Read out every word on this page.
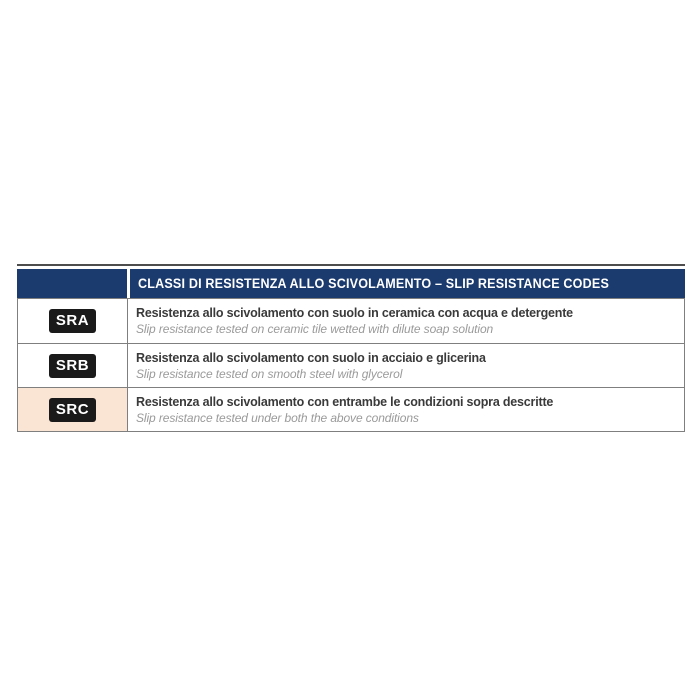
CLASSI DI RESISTENZA ALLO SCIVOLAMENTO – SLIP RESISTANCE CODES
SRA	Resistenza allo scivolamento con suolo in ceramica con acqua e detergente
Slip resistance tested on ceramic tile wetted with dilute soap solution
SRB	Resistenza allo scivolamento con suolo in acciaio e glicerina
Slip resistance tested on smooth steel with glycerol
SRC	Resistenza allo scivolamento con entrambe le condizioni sopra descritte
Slip resistance tested under both the above conditions
